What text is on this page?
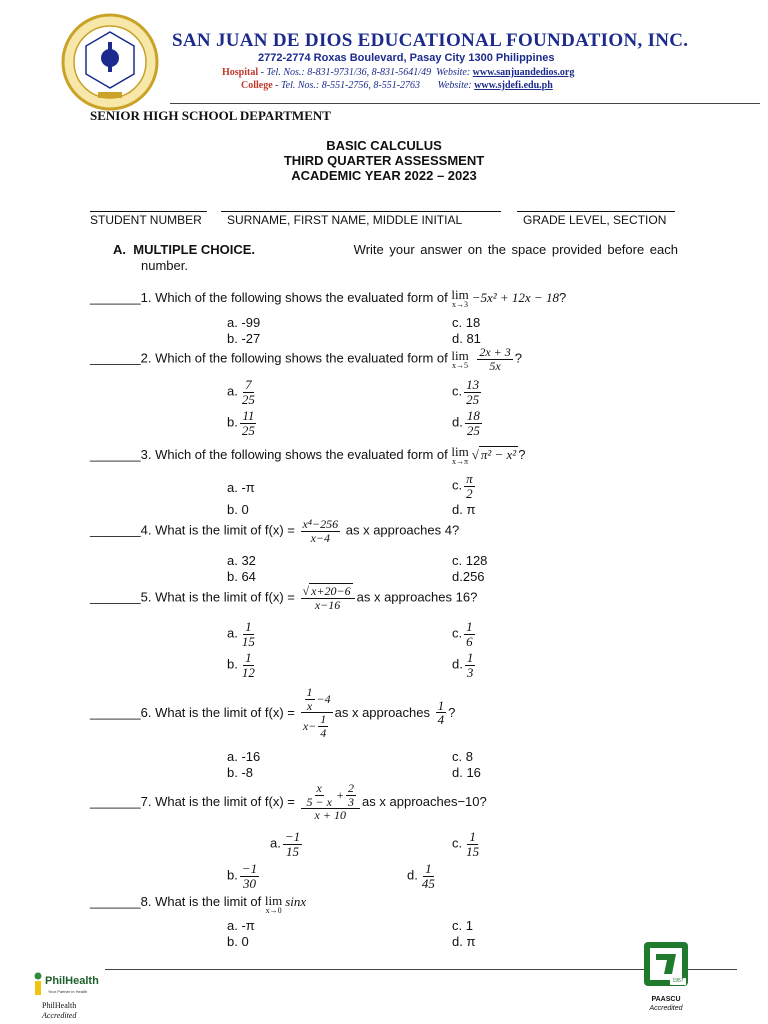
SAN JUAN DE DIOS EDUCATIONAL FOUNDATION, INC.
2772-2774 Roxas Boulevard, Pasay City 1300 Philippines
Hospital - Tel. Nos.: 8-831-9731/36, 8-831-5641/49 Website: www.sanjuandedios.org
College - Tel. Nos.: 8-551-2756, 8-551-2763 Website: www.sjdefi.edu.ph
SENIOR HIGH SCHOOL DEPARTMENT
BASIC CALCULUS
THIRD QUARTER ASSESSMENT
ACADEMIC YEAR 2022 – 2023
STUDENT NUMBER SURNAME, FIRST NAME, MIDDLE INITIAL	GRADE LEVEL, SECTION
A. MULTIPLE CHOICE.	Write your answer on the space provided before each
number.
_______1. Which of the following shows the evaluated form of lim
x→3 −5x² + 12x − 18?
a. -99
b. -27
c. 18
d. 81
_______2. Which of the following shows the evaluated form of lim
x→5
$\frac{2x + 3}{5x}$ ?
a. $\frac{7}{25}$
b. $\frac{11}{25}$
c. $\frac{13}{25}$
d. $\frac{18}{25}$
_______3. Which of the following shows the evaluated form of lim
x→π √ π² − x² ?
a. -π
b. 0
c. $\frac{\pi}{2}$
d. π
_______4. What is the limit of $f(x) = \frac{\text{x⁴−256}}{x-4}$ as x approaches 4?
a. 32
b. 64
c. 128
d.256
_______5. What is the limit of $f(x) = \frac{√ x+20-6}{x-16}$ as x approaches 16?
a. $\frac{1}{15}$
b. $\frac{1}{12}$
c. $\frac{1}{6}$
d. $\frac{1}{3}$
_______ 6. What is the limit of f(x) =
$\frac{\frac{1}{x} -4}{x- \frac{1}{4}}$ as x approaches
$\frac{1}{4}$ ?
a. -16
b. -8
c. 8
d. 16
_______ 7. What is the limit of f(x) =
$\frac{\frac{x}{5 - x} + \frac{2}{3}}{x + 10}$ as x approaches−10?
a. $\frac{-1}{15}$
b. $\frac{-1}{30}$
c. $\frac{1}{15}$
d. $\frac{1}{45}$
_______8. What is the limit of lim
x→0
sinx
a. -π
b. 0
c. 1
d. π
PhilHealth
Your Partner in Health
PhilHealth
Accredited
1957
PAASCU
Accredited
